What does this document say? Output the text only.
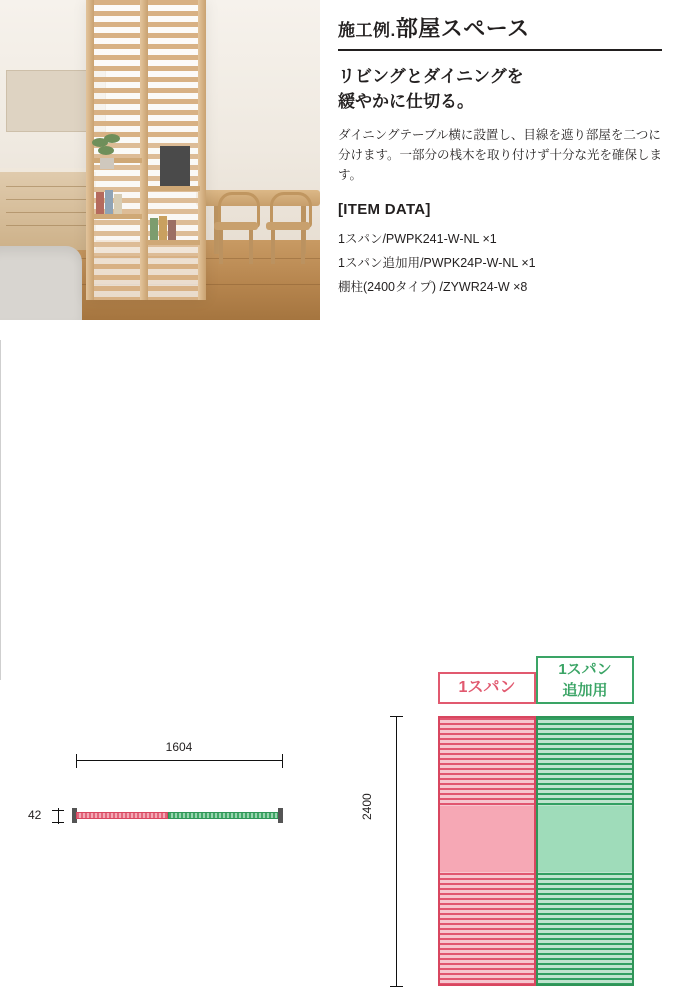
施工例.部屋スペース
リビングとダイニングを
緩やかに仕切る。

ダイニングテーブル横に設置し、目線を遮り部屋を二つに分けます。一部分の桟木を取り付けず十分な光を確保します。

[ITEM DATA]
1スパン/PWPK241-W-NL ×1
1スパン追加用/PWPK24P-W-NL ×1
棚柱(2400タイプ) /ZYWR24-W ×8
1604
42	2400
1スパン
1スパン
追加用
